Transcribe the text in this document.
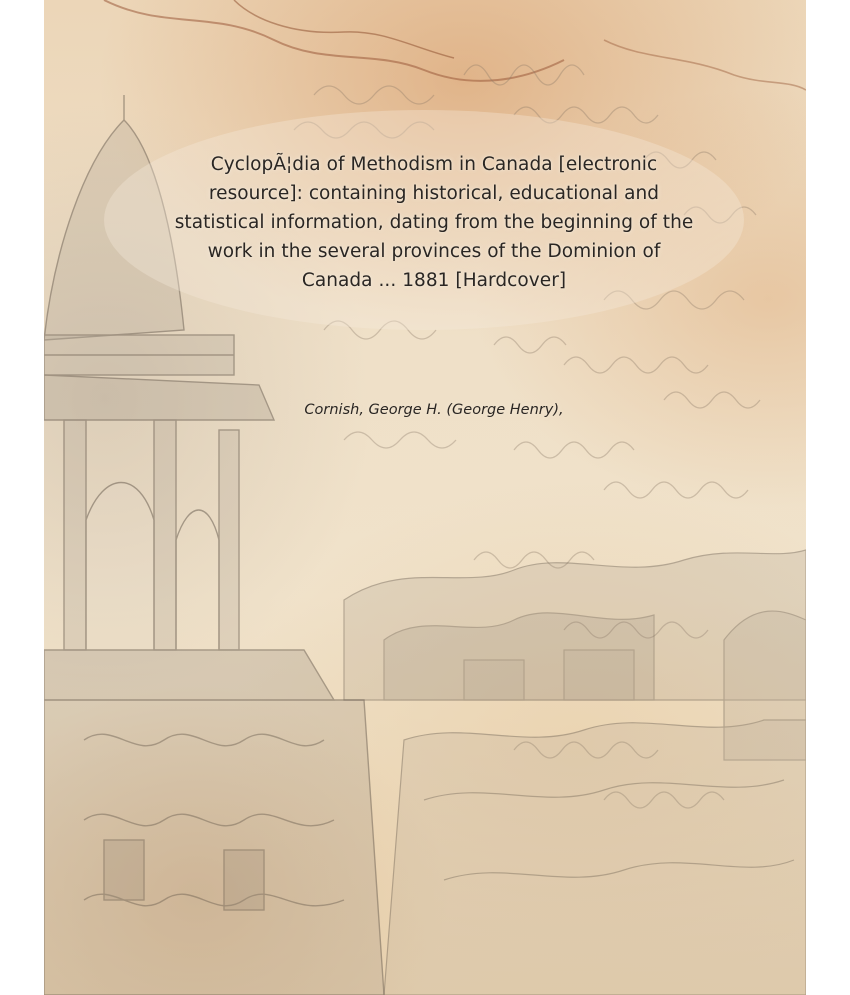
CyclopÃ¦dia of Methodism in Canada [electronic
resource]: containing historical, educational and
statistical information, dating from the beginning of the
work in the several provinces of the Dominion of
Canada ... 1881 [Hardcover]
Cornish, George H. (George Henry),
